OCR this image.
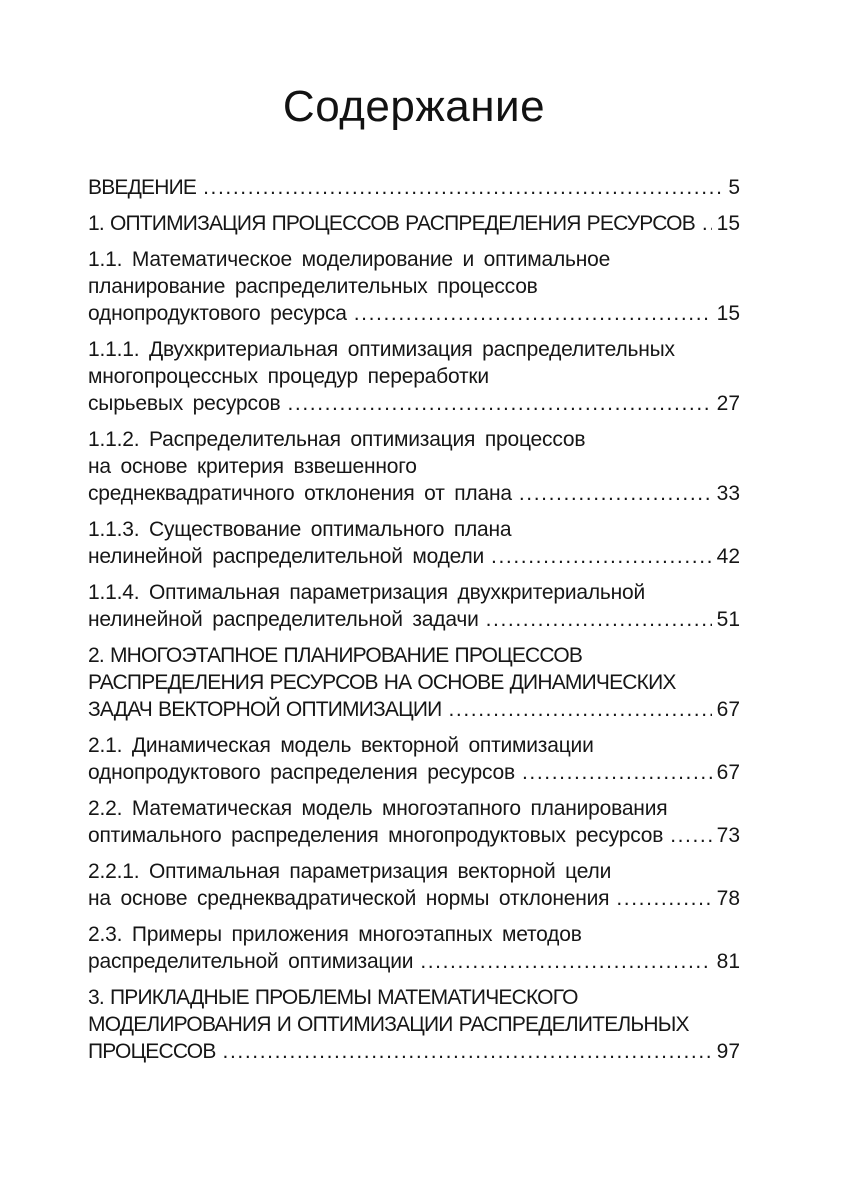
Содержание
ВВЕДЕНИЕ .....	5
1. ОПТИМИЗАЦИЯ ПРОЦЕССОВ РАСПРЕДЕЛЕНИЯ РЕСУРСОВ ..... 15
1.1. Математическое моделирование и оптимальное
планирование распределительных процессов
однопродуктового ресурса .....	15
1.1.1. Двухкритериальная оптимизация распределительных
многопроцессных процедур переработки
сырьевых ресурсов .....	27
1.1.2. Распределительная оптимизация процессов
на основе критерия взвешенного
среднеквадратичного отклонения от плана .....	33
1.1.3. Существование оптимального плана
нелинейной распределительной модели .....	42
1.1.4. Оптимальная параметризация двухкритериальной
нелинейной распределительной задачи .....	51
2. МНОГОЭТАПНОЕ ПЛАНИРОВАНИЕ ПРОЦЕССОВ
РАСПРЕДЕЛЕНИЯ РЕСУРСОВ НА ОСНОВЕ ДИНАМИЧЕСКИХ
ЗАДАЧ ВЕКТОРНОЙ ОПТИМИЗАЦИИ .....	67
2.1. Динамическая модель векторной оптимизации
однопродуктового распределения ресурсов .....	67
2.2. Математическая модель многоэтапного планирования
оптимального распределения многопродуктовых ресурсов .....	73
2.2.1. Оптимальная параметризация векторной цели
на основе среднеквадратической нормы отклонения .....	78
2.3. Примеры приложения многоэтапных методов
распределительной оптимизации .....	81
3. ПРИКЛАДНЫЕ ПРОБЛЕМЫ МАТЕМАТИЧЕСКОГО
МОДЕЛИРОВАНИЯ И ОПТИМИЗАЦИИ РАСПРЕДЕЛИТЕЛЬНЫХ
ПРОЦЕССОВ .....	97
